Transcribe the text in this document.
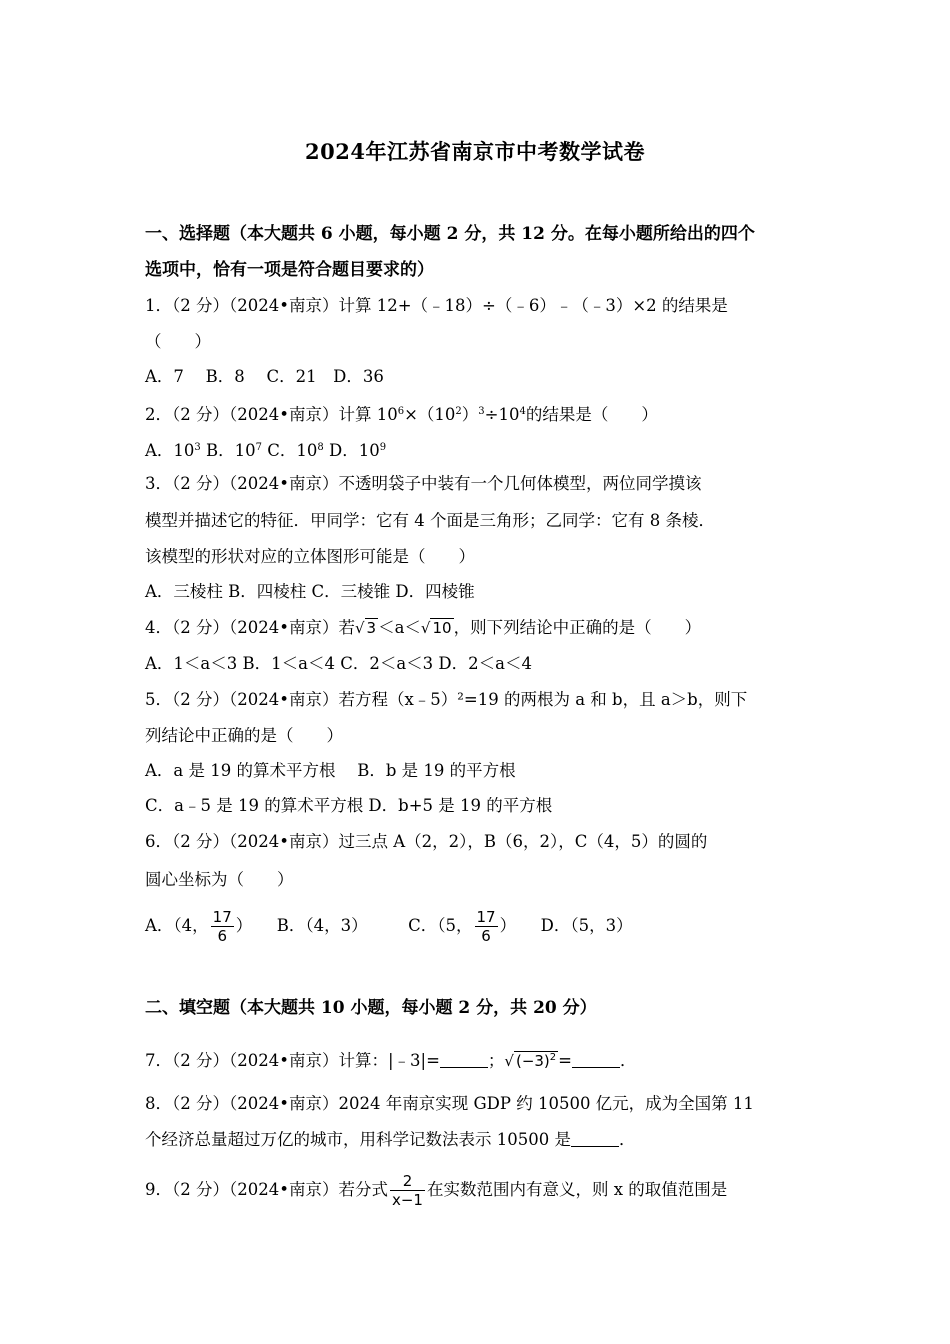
2024年江苏省南京市中考数学试卷
一、选择题（本大题共 6 小题，每小题 2 分，共 12 分。在每小题所给出的四个
选项中，恰有一项是符合题目要求的）
1．（2 分）（2024•南京）计算 12+（﹣18）÷（﹣6）﹣（﹣3）×2 的结果是
（　　）
A．7　 B．8　 C．21　D．36
2．（2 分）（2024•南京）计算 $10^6\times(10^2)^3\div 10^4$的结果是（　　）
A．$10^3$ B．$10^7$ C．$10^8$ D．$10^9$
3．（2 分）（2024•南京）不透明袋子中装有一个几何体模型，两位同学摸该
模型并描述它的特征．甲同学：它有 4 个面是三角形；乙同学：它有 8 条棱．
该模型的形状对应的立体图形可能是（　　）
A．三棱柱 B．四棱柱 C．三棱锥 D．四棱锥
4．（2 分）（2024•南京）若√ 3 ＜a＜√ 10 ，则下列结论中正确的是（　　）
A．1＜a＜3 B．1＜a＜4 C．2＜a＜3 D．2＜a＜4
5．（2 分）（2024•南京）若方程（x﹣5）²=19 的两根为 a 和 b，且 a＞b，则下
列结论中正确的是（　　）
A．a 是 19 的算术平方根　 B．b 是 19 的平方根
C．a﹣5 是 19 的算术平方根 D．b+5 是 19 的平方根
6．（2 分）（2024•南京）过三点 A（2，2），B（6，2），C（4，5）的圆的
圆心坐标为（　　）
A．（4， $\frac{17}{6}$ ） B．（4，3） C．（5， $\frac{17}{6}$ ） D．（5，3）
二、填空题（本大题共 10 小题，每小题 2 分，共 20 分）
7．（2 分）（2024•南京）计算：|﹣3|=	；√ $(-3)^2$ =	．
8．（2 分）（2024•南京）2024 年南京实现 GDP 约 10500 亿元，成为全国第 11
个经济总量超过万亿的城市，用科学记数法表示 10500 是	．
9．（2 分）（2024•南京）若分式 $\frac{2}{x-1}$ 在实数范围内有意义，则 x 的取值范围是
